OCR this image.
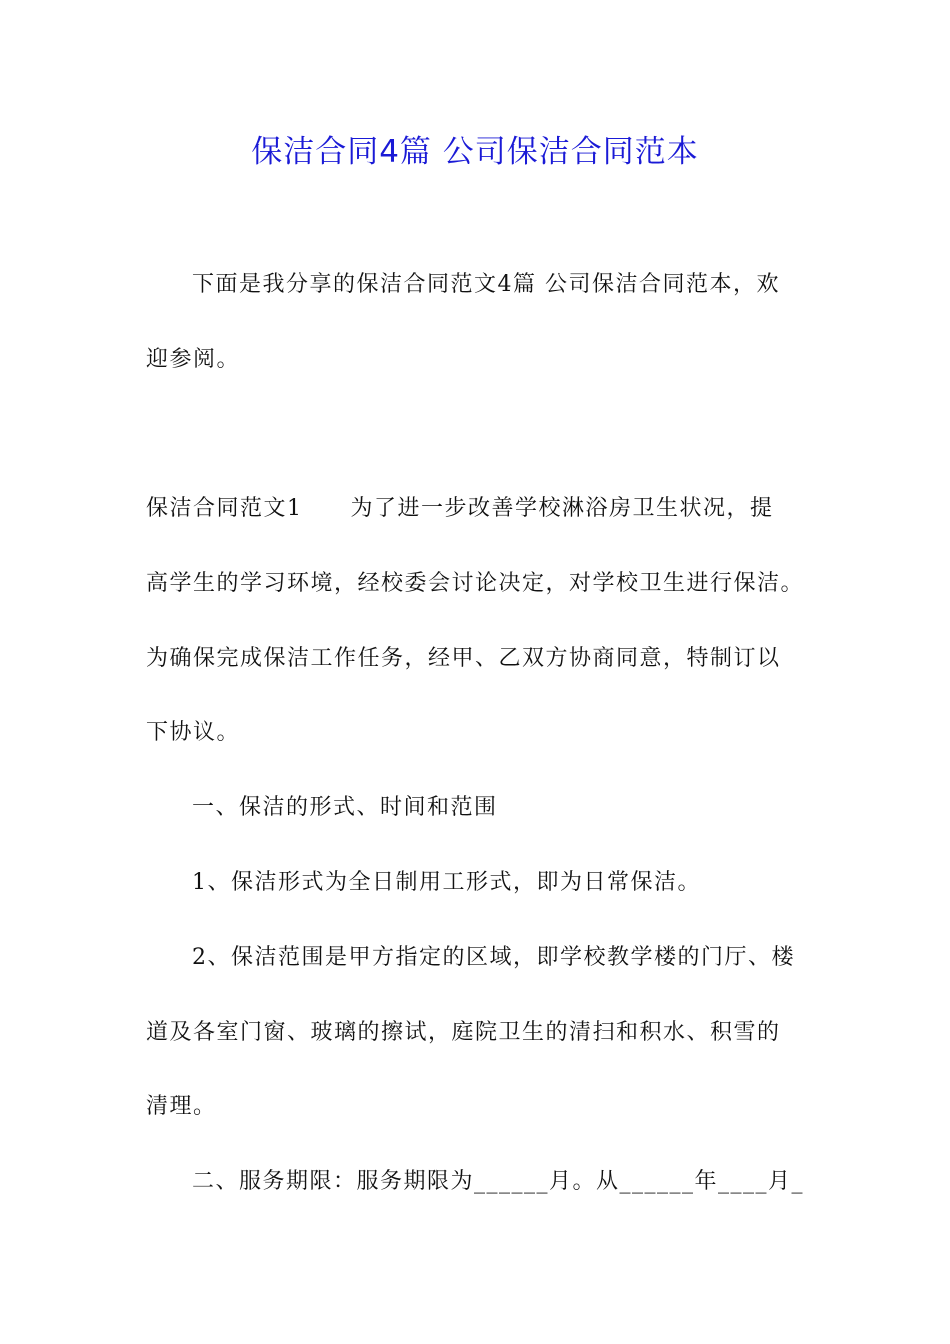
保洁合同4篇 公司保洁合同范本
下面是我分享的保洁合同范文4篇 公司保洁合同范本，欢
迎参阅。
保洁合同范文1 为了进一步改善学校淋浴房卫生状况，提
高学生的学习环境，经校委会讨论决定，对学校卫生进行保洁。
为确保完成保洁工作任务，经甲、乙双方协商同意，特制订以
下协议。
一、保洁的形式、时间和范围
1、保洁形式为全日制用工形式，即为日常保洁。
2、保洁范围是甲方指定的区域，即学校教学楼的门厅、楼
道及各室门窗、玻璃的擦试，庭院卫生的清扫和积水、积雪的
清理。
二、服务期限：服务期限为______月。从______年____月_
